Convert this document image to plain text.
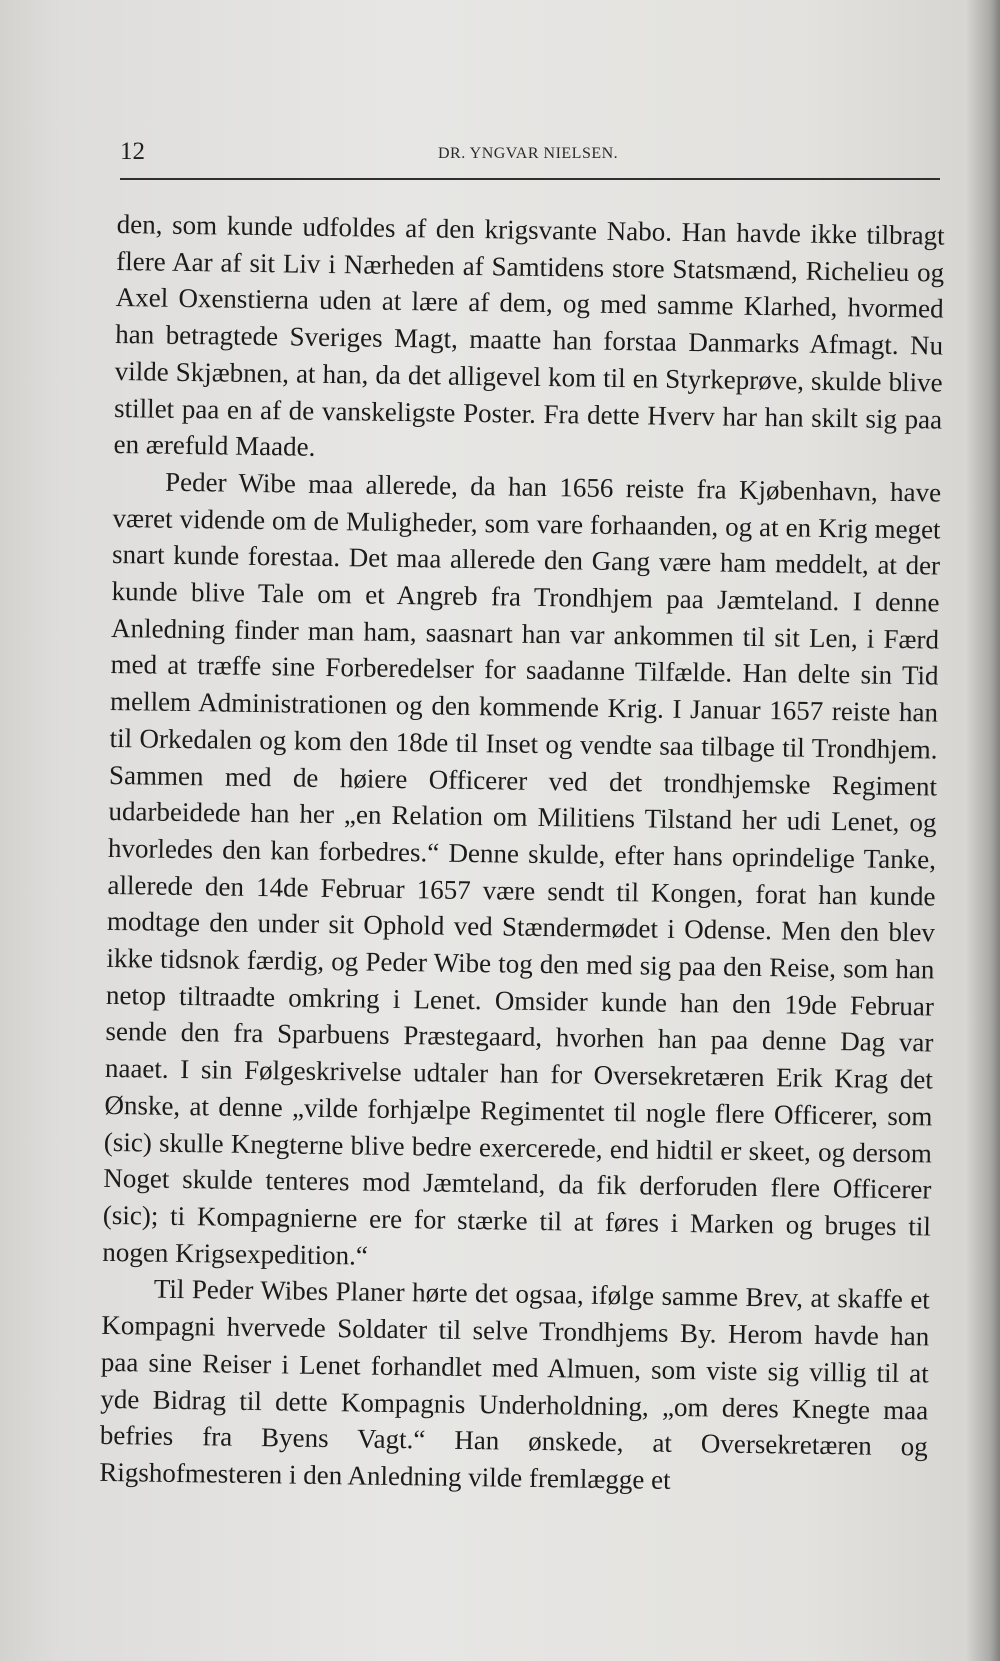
12	DR. YNGVAR NIELSEN.

den, som kunde udfoldes af den krigsvante Nabo. Han havde ikke tilbragt flere Aar af sit Liv i Nærheden af Samtidens store Statsmænd, Richelieu og Axel Oxenstierna uden at lære af dem, og med samme Klarhed, hvormed han betragtede Sveriges Magt, maatte han forstaa Danmarks Afmagt. Nu vilde Skjæbnen, at han, da det alligevel kom til en Styrkeprøve, skulde blive stillet paa en af de vanskeligste Poster. Fra dette Hverv har han skilt sig paa en ærefuld Maade.

Peder Wibe maa allerede, da han 1656 reiste fra Kjøbenhavn, have været vidende om de Muligheder, som vare forhaanden, og at en Krig meget snart kunde forestaa. Det maa allerede den Gang være ham meddelt, at der kunde blive Tale om et Angreb fra Trondhjem paa Jæmteland. I denne Anledning finder man ham, saasnart han var ankommen til sit Len, i Færd med at træffe sine Forberedelser for saadanne Tilfælde. Han delte sin Tid mellem Administrationen og den kommende Krig. I Januar 1657 reiste han til Orkedalen og kom den 18de til Inset og vendte saa tilbage til Trondhjem. Sammen med de høiere Officerer ved det trondhjemske Regiment udarbeidede han her „en Relation om Militiens Tilstand her udi Lenet, og hvorledes den kan forbedres.“ Denne skulde, efter hans oprindelige Tanke, allerede den 14de Februar 1657 være sendt til Kongen, forat han kunde modtage den under sit Ophold ved Stændermødet i Odense. Men den blev ikke tidsnok færdig, og Peder Wibe tog den med sig paa den Reise, som han netop tiltraadte omkring i Lenet. Omsider kunde han den 19de Februar sende den fra Sparbuens Præstegaard, hvorhen han paa denne Dag var naaet. I sin Følgeskrivelse udtaler han for Oversekretæren Erik Krag det Ønske, at denne „vilde forhjælpe Regimentet til nogle flere Officerer, som (sic) skulle Knegterne blive bedre exercerede, end hidtil er skeet, og dersom Noget skulde tenteres mod Jæmteland, da fik derforuden flere Officerer (sic); ti Kompagnierne ere for stærke til at føres i Marken og bruges til nogen Krigsexpedition.“

Til Peder Wibes Planer hørte det ogsaa, ifølge samme Brev, at skaffe et Kompagni hvervede Soldater til selve Trondhjems By. Herom havde han paa sine Reiser i Lenet forhandlet med Almuen, som viste sig villig til at yde Bidrag til dette Kompagnis Underholdning, „om deres Knegte maa befries fra Byens Vagt.“ Han ønskede, at Oversekretæren og Rigshofmesteren i den Anledning vilde fremlægge et
